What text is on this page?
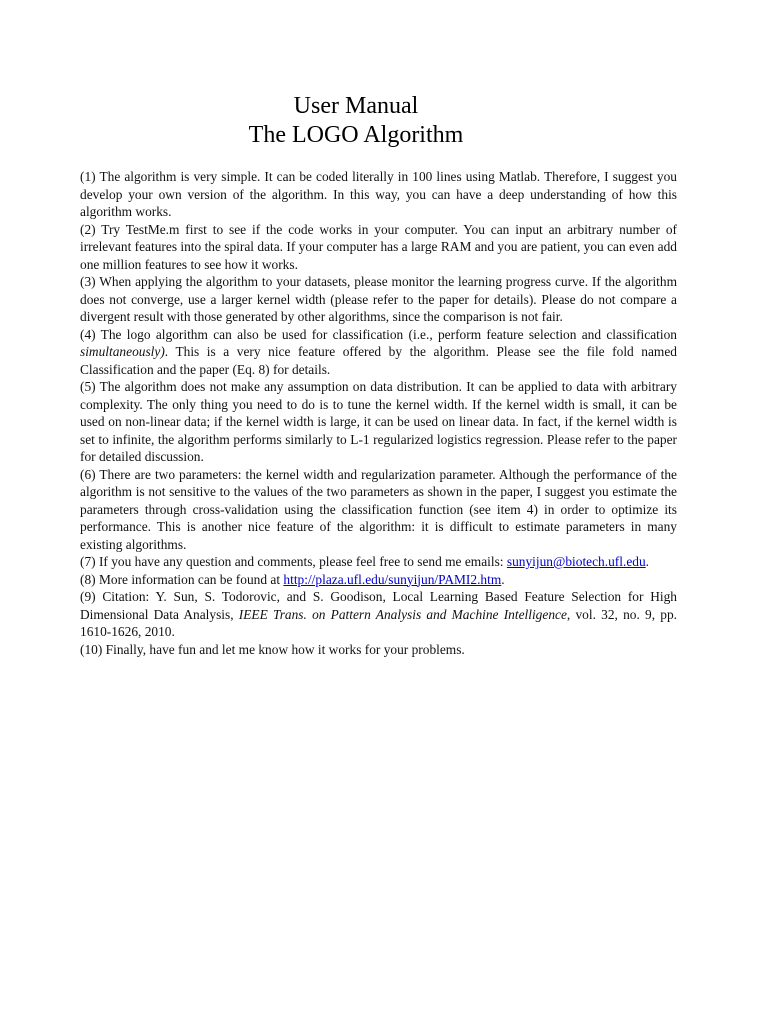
User Manual
The LOGO Algorithm

(1) The algorithm is very simple. It can be coded literally in 100 lines using Matlab. Therefore, I suggest you develop your own version of the algorithm. In this way, you can have a deep understanding of how this algorithm works.

(2) Try TestMe.m first to see if the code works in your computer. You can input an arbitrary number of irrelevant features into the spiral data. If your computer has a large RAM and you are patient, you can even add one million features to see how it works.

(3) When applying the algorithm to your datasets, please monitor the learning progress curve. If the algorithm does not converge, use a larger kernel width (please refer to the paper for details). Please do not compare a divergent result with those generated by other algorithms, since the comparison is not fair.

(4) The logo algorithm can also be used for classification (i.e., perform feature selection and classification simultaneously). This is a very nice feature offered by the algorithm. Please see the file fold named Classification and the paper (Eq. 8) for details.

(5) The algorithm does not make any assumption on data distribution. It can be applied to data with arbitrary complexity. The only thing you need to do is to tune the kernel width. If the kernel width is small, it can be used on non-linear data; if the kernel width is large, it can be used on linear data. In fact, if the kernel width is set to infinite, the algorithm performs similarly to L-1 regularized logistics regression. Please refer to the paper for detailed discussion.

(6) There are two parameters: the kernel width and regularization parameter. Although the performance of the algorithm is not sensitive to the values of the two parameters as shown in the paper, I suggest you estimate the parameters through cross-validation using the classification function (see item 4) in order to optimize its performance. This is another nice feature of the algorithm: it is difficult to estimate parameters in many existing algorithms.

(7) If you have any question and comments, please feel free to send me emails: sunyijun@biotech.ufl.edu.

(8) More information can be found at http://plaza.ufl.edu/sunyijun/PAMI2.htm.

(9) Citation: Y. Sun, S. Todorovic, and S. Goodison, Local Learning Based Feature Selection for High Dimensional Data Analysis, IEEE Trans. on Pattern Analysis and Machine Intelligence, vol. 32, no. 9, pp. 1610-1626, 2010.

(10) Finally, have fun and let me know how it works for your problems.
